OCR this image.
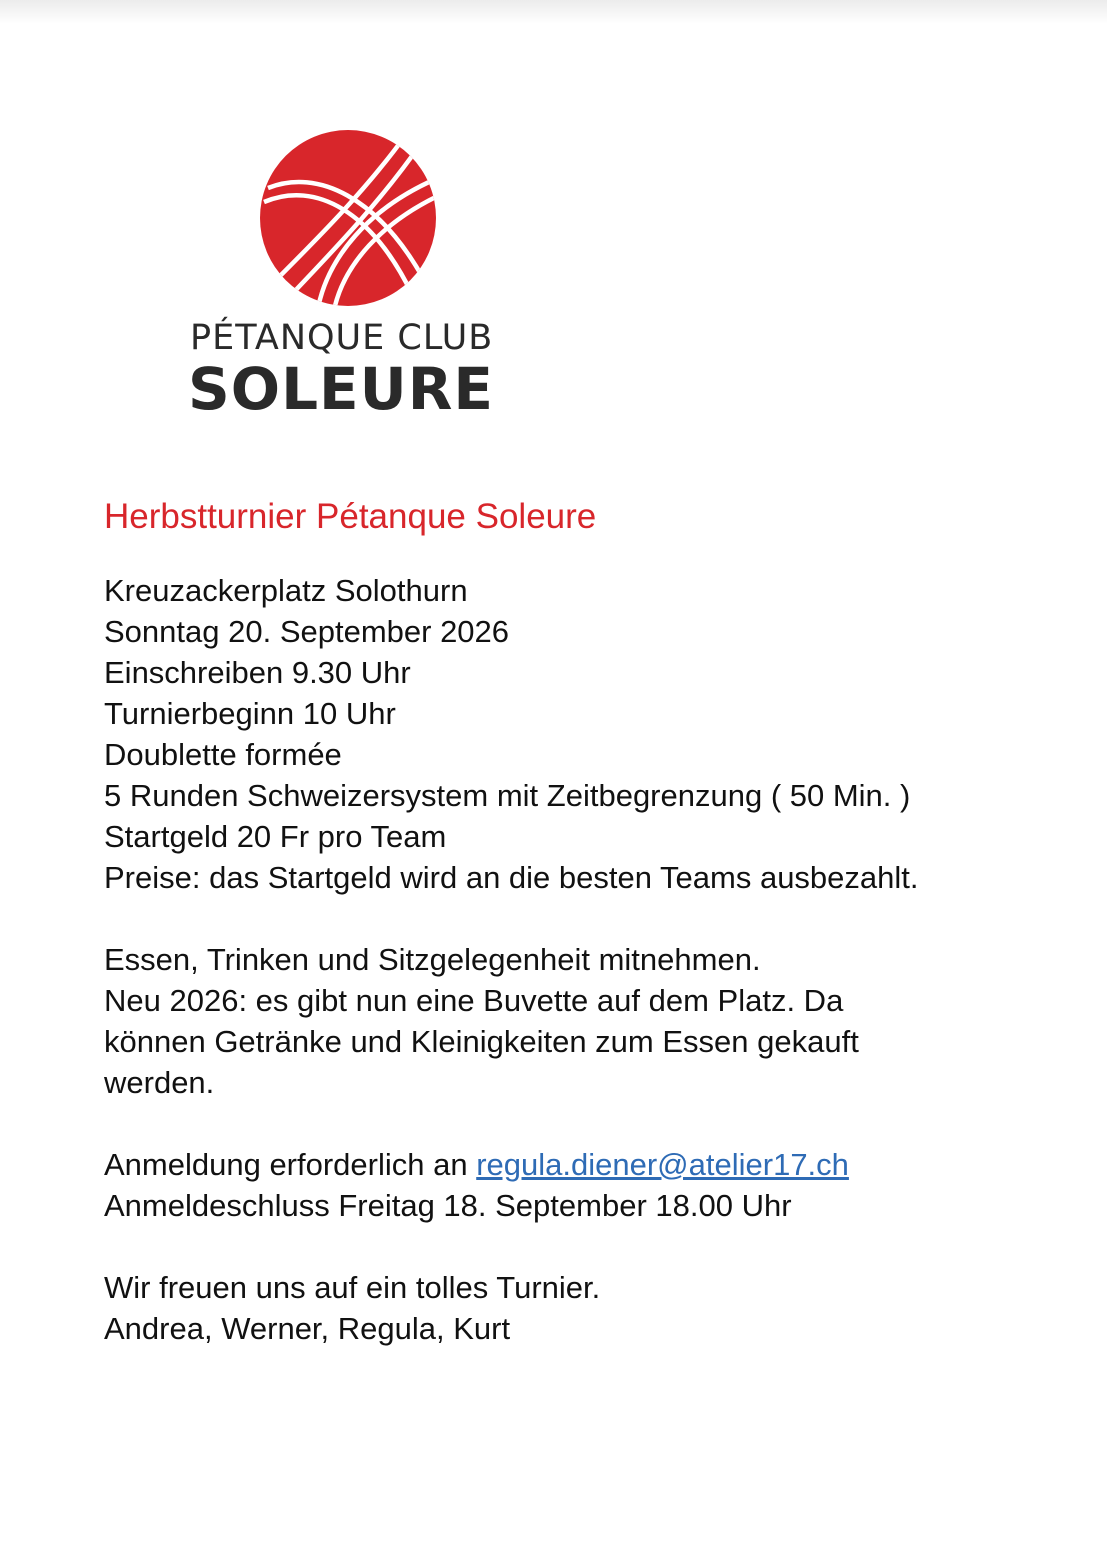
PÉTANQUE CLUB
SOLEURE
Herbstturnier Pétanque Soleure
Kreuzackerplatz Solothurn
Sonntag 20. September 2026
Einschreiben 9.30 Uhr
Turnierbeginn 10 Uhr
Doublette formée
5 Runden Schweizersystem mit Zeitbegrenzung ( 50 Min. )
Startgeld 20 Fr pro Team
Preise: das Startgeld wird an die besten Teams ausbezahlt.
Essen, Trinken und Sitzgelegenheit mitnehmen.
Neu 2026: es gibt nun eine Buvette auf dem Platz. Da
können Getränke und Kleinigkeiten zum Essen gekauft
werden.
Anmeldung erforderlich an regula.diener@atelier17.ch
Anmeldeschluss Freitag 18. September 18.00 Uhr
Wir freuen uns auf ein tolles Turnier.
Andrea, Werner, Regula, Kurt
